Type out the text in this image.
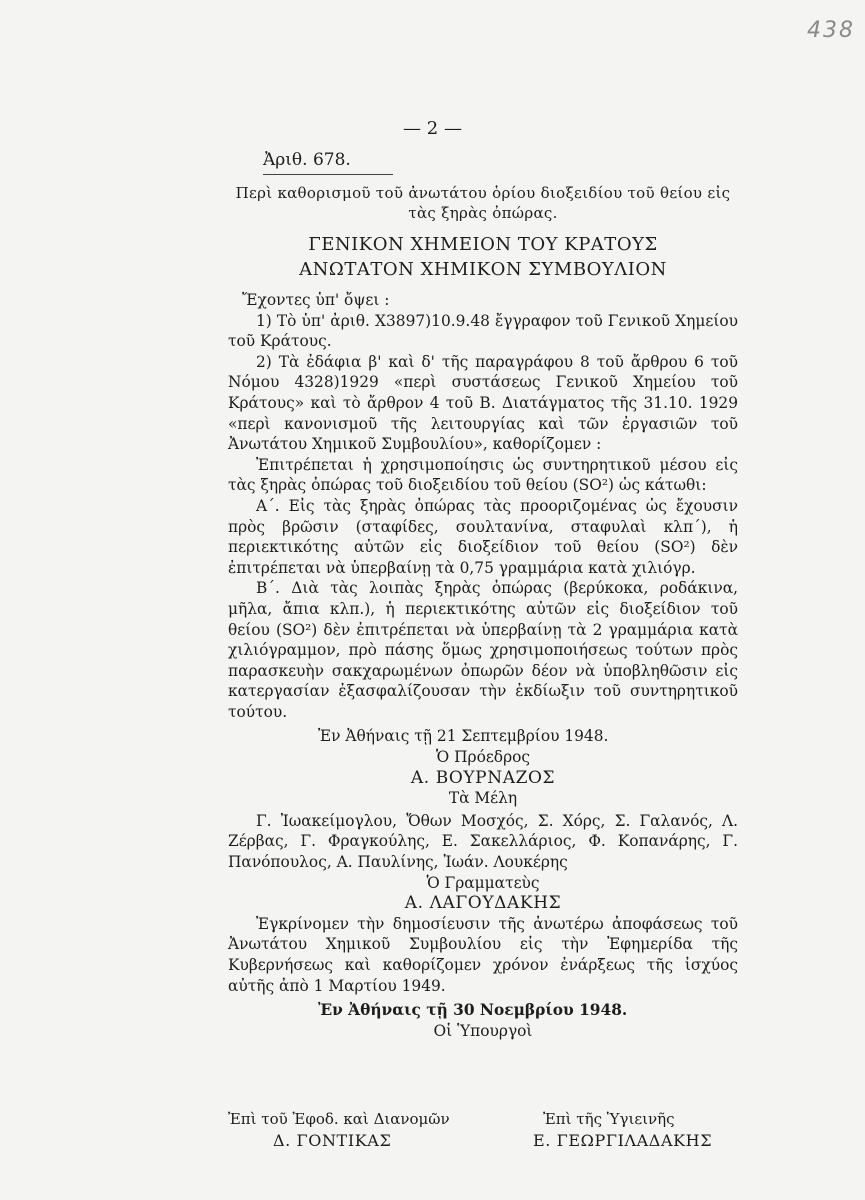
438
— 2 —
Ἀριθ. 678.
Περὶ καθορισμοῦ τοῦ ἀνωτάτου ὁρίου διοξειδίου τοῦ θείου εἰς τὰς ξηρὰς ὀπώρας.
ΓΕΝΙΚΟΝ ΧΗΜΕΙΟΝ ΤΟΥ ΚΡΑΤΟΥΣ
ΑΝΩΤΑΤΟΝ ΧΗΜΙΚΟΝ ΣΥΜΒΟΥΛΙΟΝ

Ἔχοντες ὑπ' ὄψει :

1) Τὸ ὑπ' ἀριθ. Χ3897)10.9.48 ἔγγραφον τοῦ Γενικοῦ Χημείου τοῦ Κράτους.

2) Τὰ ἐδάφια β' καὶ δ' τῆς παραγράφου 8 τοῦ ἄρθρου 6 τοῦ Νόμου 4328)1929 «περὶ συστάσεως Γενικοῦ Χημείου τοῦ Κράτους» καὶ τὸ ἄρθρον 4 τοῦ Β. Διατάγματος τῆς 31.10. 1929 «περὶ κανονισμοῦ τῆς λειτουργίας καὶ τῶν ἐργασιῶν τοῦ Ἀνωτάτου Χημικοῦ Συμβουλίου», καθορίζομεν :

Ἐπιτρέπεται ἡ χρησιμοποίησις ὡς συντηρητικοῦ μέσου εἰς τὰς ξηρὰς ὀπώρας τοῦ διοξειδίου τοῦ θείου (SO²) ὡς κάτωθι:

Α΄. Εἰς τὰς ξηρὰς ὀπώρας τὰς προοριζομένας ὡς ἔχουσιν πρὸς βρῶσιν (σταφίδες, σουλτανίνα, σταφυλαὶ κλπ΄), ἡ περιεκτικότης αὐτῶν εἰς διοξείδιον τοῦ θείου (SO²) δὲν ἐπιτρέπεται νὰ ὑπερβαίνῃ τὰ 0,75 γραμμάρια κατὰ χιλιόγρ.

Β΄. Διὰ τὰς λοιπὰς ξηρὰς ὀπώρας (βερύκοκα, ροδάκινα, μῆλα, ἄπια κλπ.), ἡ περιεκτικότης αὐτῶν εἰς διοξείδιον τοῦ θείου (SO²) δὲν ἐπιτρέπεται νὰ ὑπερβαίνῃ τὰ 2 γραμμάρια κατὰ χιλιόγραμμον, πρὸ πάσης ὅμως χρησιμοποιήσεως τούτων πρὸς παρασκευὴν σακχαρωμένων ὀπωρῶν δέον νὰ ὑποβληθῶσιν εἰς κατεργασίαν ἐξασφαλίζουσαν τὴν ἐκδίωξιν τοῦ συντηρητικοῦ τούτου.

Ἐν Ἀθήναις τῇ 21 Σεπτεμβρίου 1948.

Ὁ Πρόεδρος

Α. ΒΟΥΡΝΑΖΟΣ

Τὰ Μέλη

Γ. Ἰωακείμογλου, Ὄθων Μοσχός, Σ. Χόρς, Σ. Γαλανός, Λ. Ζέρβας, Γ. Φραγκούλης, Ε. Σακελλάριος, Φ. Κοπανάρης, Γ. Πανόπουλος, Α. Παυλίνης, Ἰωάν. Λουκέρης

Ὁ Γραμματεὺς

Α. ΛΑΓΟΥΔΑΚΗΣ

Ἐγκρίνομεν τὴν δημοσίευσιν τῆς ἀνωτέρω ἀποφάσεως τοῦ Ἀνωτάτου Χημικοῦ Συμβουλίου εἰς τὴν Ἐφημερίδα τῆς Κυβερνήσεως καὶ καθορίζομεν χρόνον ἐνάρξεως τῆς ἰσχύος αὐτῆς ἀπὸ 1 Μαρτίου 1949.

Ἐν Ἀθήναις τῇ 30 Νοεμβρίου 1948.

Οἱ Ὑπουργοὶ

Ἐπὶ τοῦ Ἐφοδ. καὶ Διανομῶν
Δ. ΓΟΝΤΙΚΑΣ
Ἐπὶ τῆς Ὑγιεινῆς
Ε. ΓΕΩΡΓΙΛΑΔΑΚΗΣ
